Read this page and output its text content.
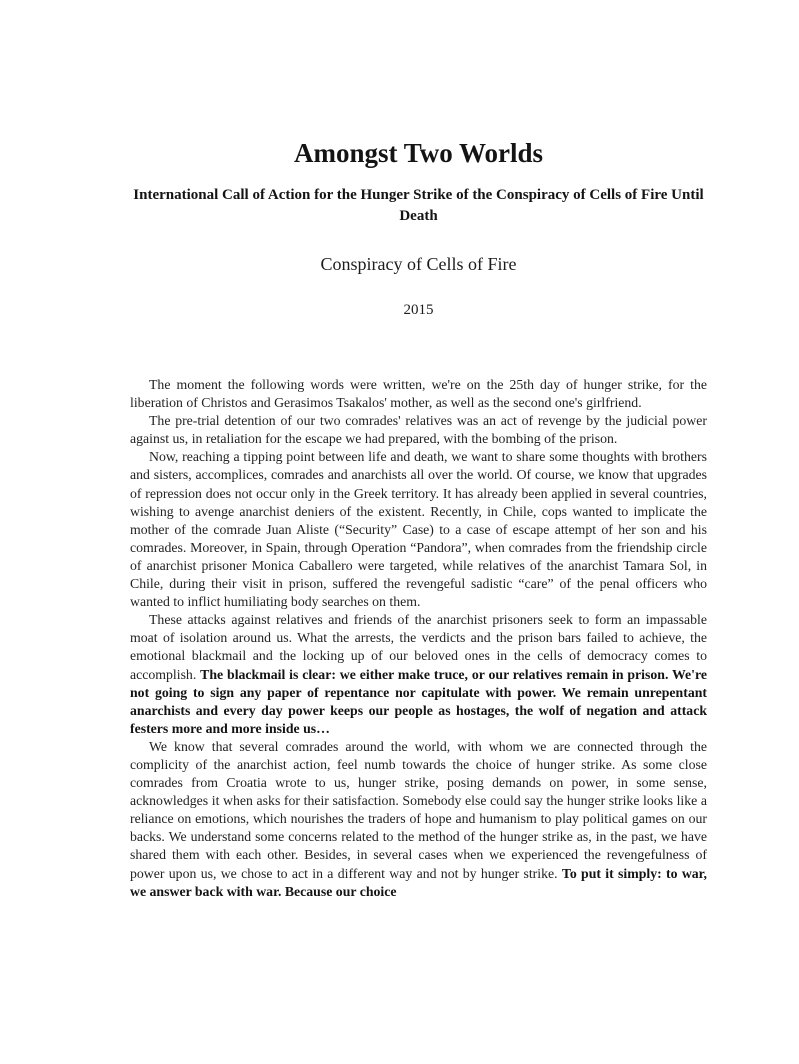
Amongst Two Worlds
International Call of Action for the Hunger Strike of the Conspiracy of Cells of Fire Until Death
Conspiracy of Cells of Fire
2015

The moment the following words were written, we're on the 25th day of hunger strike, for the liberation of Christos and Gerasimos Tsakalos' mother, as well as the second one's girlfriend.

The pre-trial detention of our two comrades' relatives was an act of revenge by the judicial power against us, in retaliation for the escape we had prepared, with the bombing of the prison.

Now, reaching a tipping point between life and death, we want to share some thoughts with brothers and sisters, accomplices, comrades and anarchists all over the world. Of course, we know that upgrades of repression does not occur only in the Greek territory. It has already been applied in several countries, wishing to avenge anarchist deniers of the existent. Recently, in Chile, cops wanted to implicate the mother of the comrade Juan Aliste (“Security” Case) to a case of escape attempt of her son and his comrades. Moreover, in Spain, through Operation “Pandora”, when comrades from the friendship circle of anarchist prisoner Monica Caballero were targeted, while relatives of the anarchist Tamara Sol, in Chile, during their visit in prison, suffered the revengeful sadistic “care” of the penal officers who wanted to inflict humiliating body searches on them.

These attacks against relatives and friends of the anarchist prisoners seek to form an impassable moat of isolation around us. What the arrests, the verdicts and the prison bars failed to achieve, the emotional blackmail and the locking up of our beloved ones in the cells of democracy comes to accomplish. The blackmail is clear: we either make truce, or our relatives remain in prison. We're not going to sign any paper of repentance nor capitulate with power. We remain unrepentant anarchists and every day power keeps our people as hostages, the wolf of negation and attack festers more and more inside us…

We know that several comrades around the world, with whom we are connected through the complicity of the anarchist action, feel numb towards the choice of hunger strike. As some close comrades from Croatia wrote to us, hunger strike, posing demands on power, in some sense, acknowledges it when asks for their satisfaction. Somebody else could say the hunger strike looks like a reliance on emotions, which nourishes the traders of hope and humanism to play political games on our backs. We understand some concerns related to the method of the hunger strike as, in the past, we have shared them with each other. Besides, in several cases when we experienced the revengefulness of power upon us, we chose to act in a different way and not by hunger strike. To put it simply: to war, we answer back with war. Because our choice
